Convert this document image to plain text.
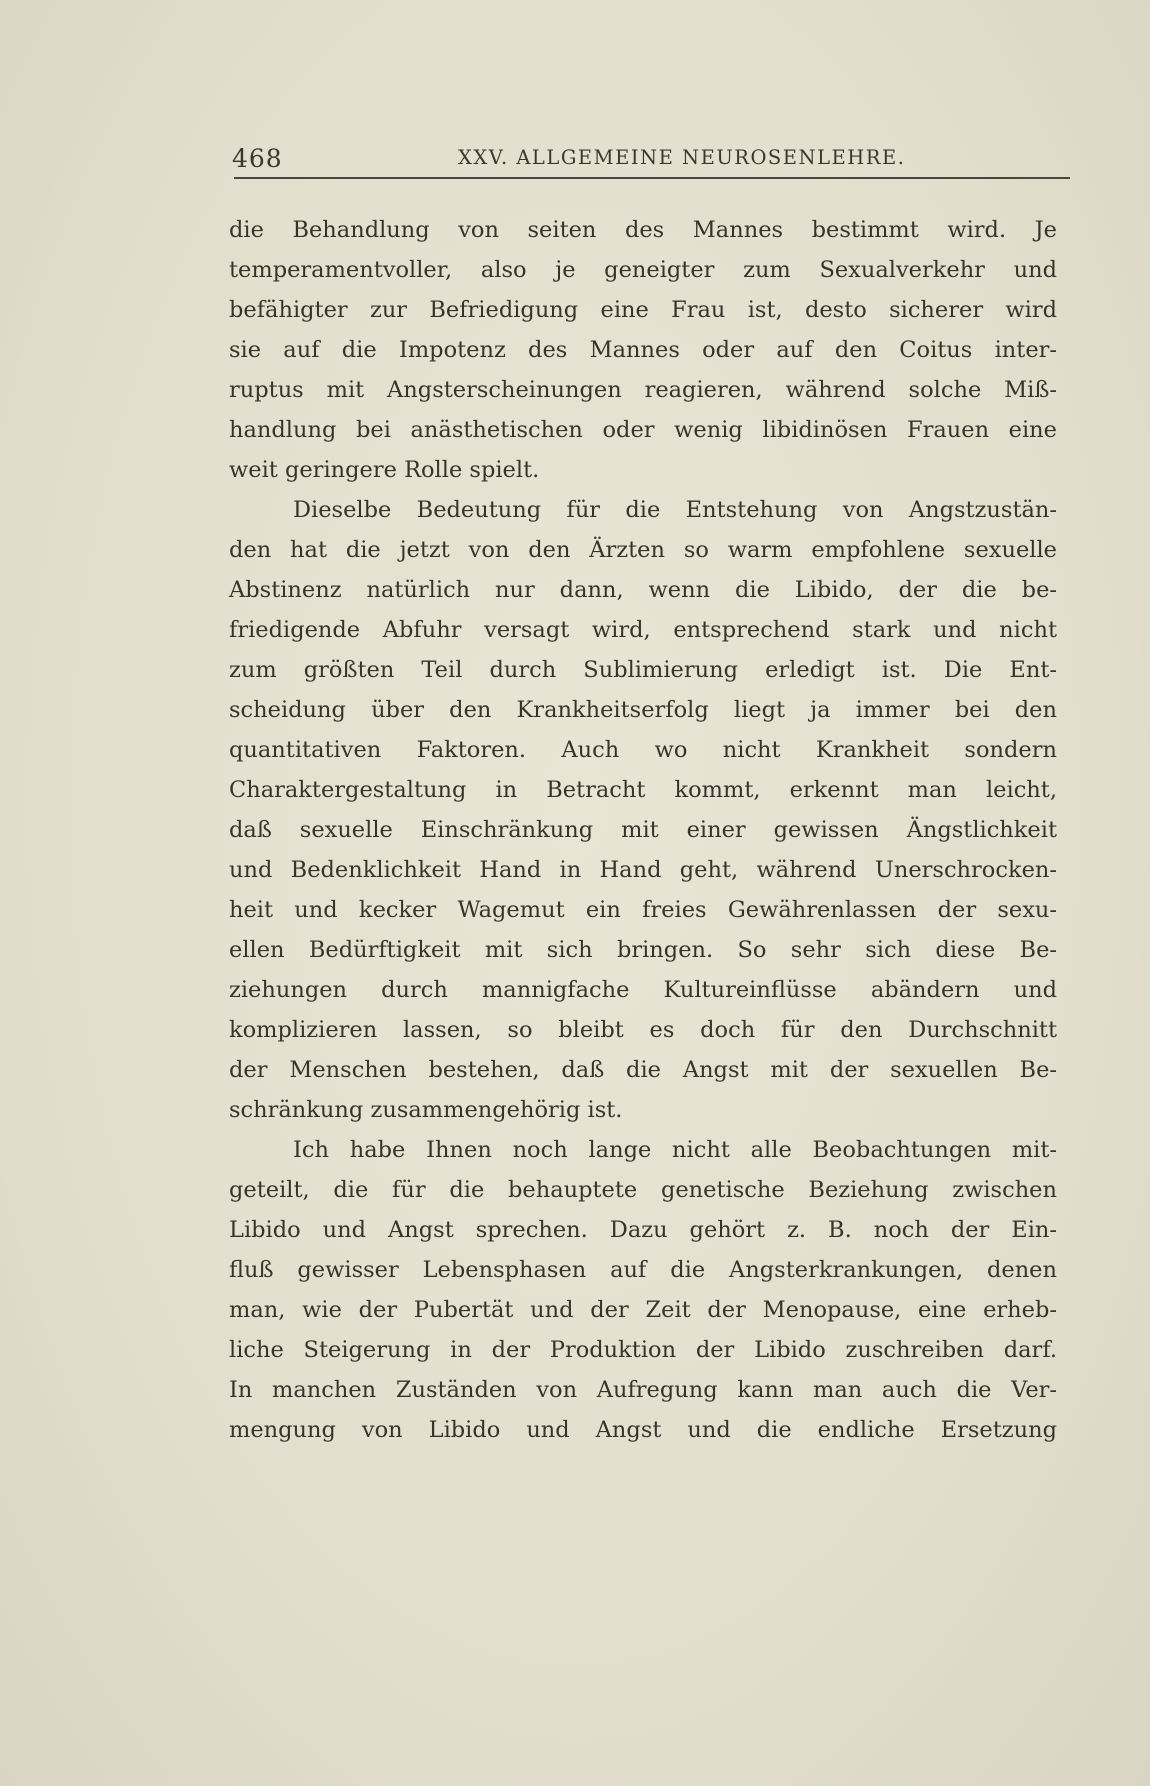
468	XXV. ALLGEMEINE NEUROSENLEHRE.
die Behandlung von seiten des Mannes bestimmt wird. Je
temperamentvoller, also je geneigter zum Sexualverkehr und
befähigter zur Befriedigung eine Frau ist, desto sicherer wird
sie auf die Impotenz des Mannes oder auf den Coitus inter-
ruptus mit Angsterscheinungen reagieren, während solche Miß-
handlung bei anästhetischen oder wenig libidinösen Frauen eine
weit geringere Rolle spielt.
Dieselbe Bedeutung für die Entstehung von Angstzustän-
den hat die jetzt von den Ärzten so warm empfohlene sexuelle
Abstinenz natürlich nur dann, wenn die Libido, der die be-
friedigende Abfuhr versagt wird, entsprechend stark und nicht
zum größten Teil durch Sublimierung erledigt ist. Die Ent-
scheidung über den Krankheitserfolg liegt ja immer bei den
quantitativen Faktoren. Auch wo nicht Krankheit sondern
Charaktergestaltung in Betracht kommt, erkennt man leicht,
daß sexuelle Einschränkung mit einer gewissen Ängstlichkeit
und Bedenklichkeit Hand in Hand geht, während Unerschrocken-
heit und kecker Wagemut ein freies Gewährenlassen der sexu-
ellen Bedürftigkeit mit sich bringen. So sehr sich diese Be-
ziehungen durch mannigfache Kultureinflüsse abändern und
komplizieren lassen, so bleibt es doch für den Durchschnitt
der Menschen bestehen, daß die Angst mit der sexuellen Be-
schränkung zusammengehörig ist.
Ich habe Ihnen noch lange nicht alle Beobachtungen mit-
geteilt, die für die behauptete genetische Beziehung zwischen
Libido und Angst sprechen. Dazu gehört z. B. noch der Ein-
fluß gewisser Lebensphasen auf die Angsterkrankungen, denen
man, wie der Pubertät und der Zeit der Menopause, eine erheb-
liche Steigerung in der Produktion der Libido zuschreiben darf.
In manchen Zuständen von Aufregung kann man auch die Ver-
mengung von Libido und Angst und die endliche Ersetzung
